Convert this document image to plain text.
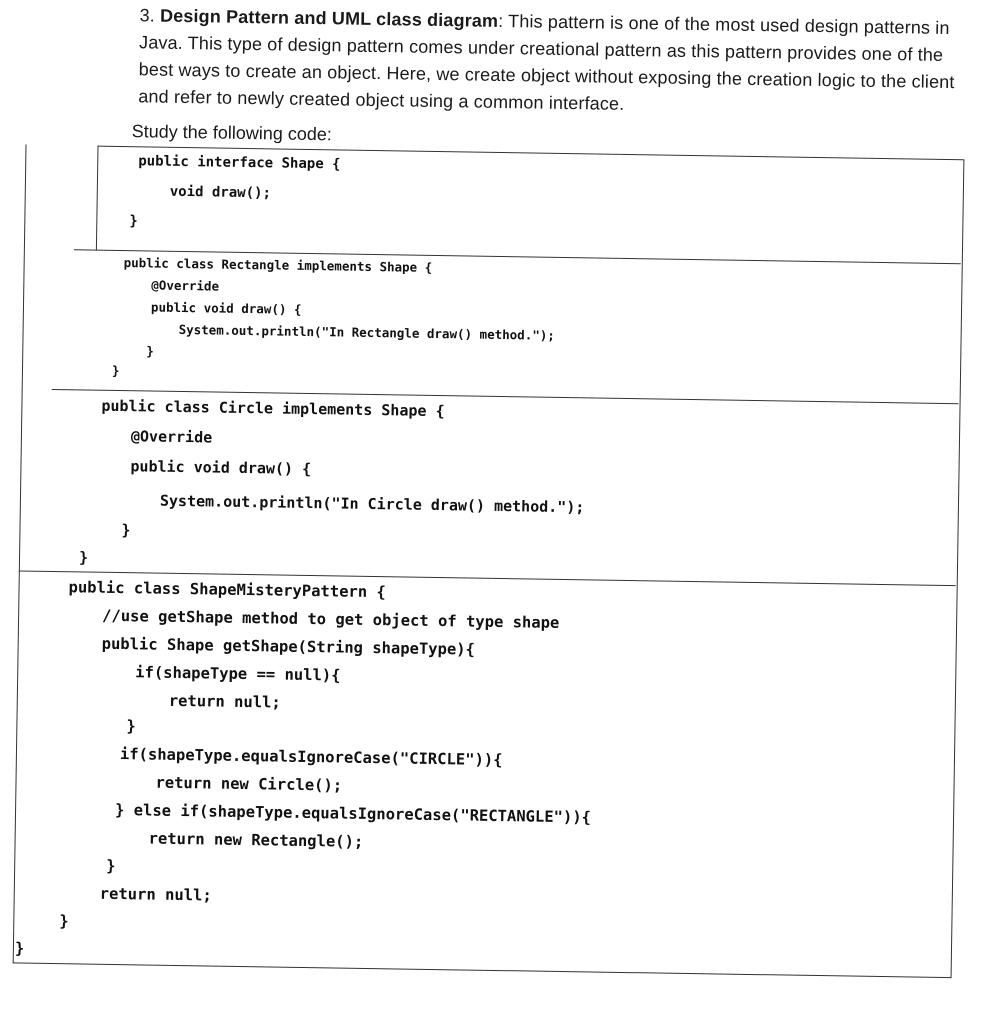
3. Design Pattern and UML class diagram: This pattern is one of the most used design patterns in Java. This type of design pattern comes under creational pattern as this pattern provides one of the best ways to create an object. Here, we create object without exposing the creation logic to the client and refer to newly created object using a common interface.
Study the following code:

public interface Shape {

void draw();

}

public class Rectangle implements Shape {

@Override

public void draw() {

System.out.println("In Rectangle draw() method.");

}

}

public class Circle implements Shape {

@Override

public void draw() {

System.out.println("In Circle draw() method.");

}

}

public class ShapeMisteryPattern {

//use getShape method to get object of type shape

public Shape getShape(String shapeType){

if(shapeType == null){

return null;

}

if(shapeType.equalsIgnoreCase("CIRCLE")){

return new Circle();

} else if(shapeType.equalsIgnoreCase("RECTANGLE")){

return new Rectangle();

}

return null;

}

}
